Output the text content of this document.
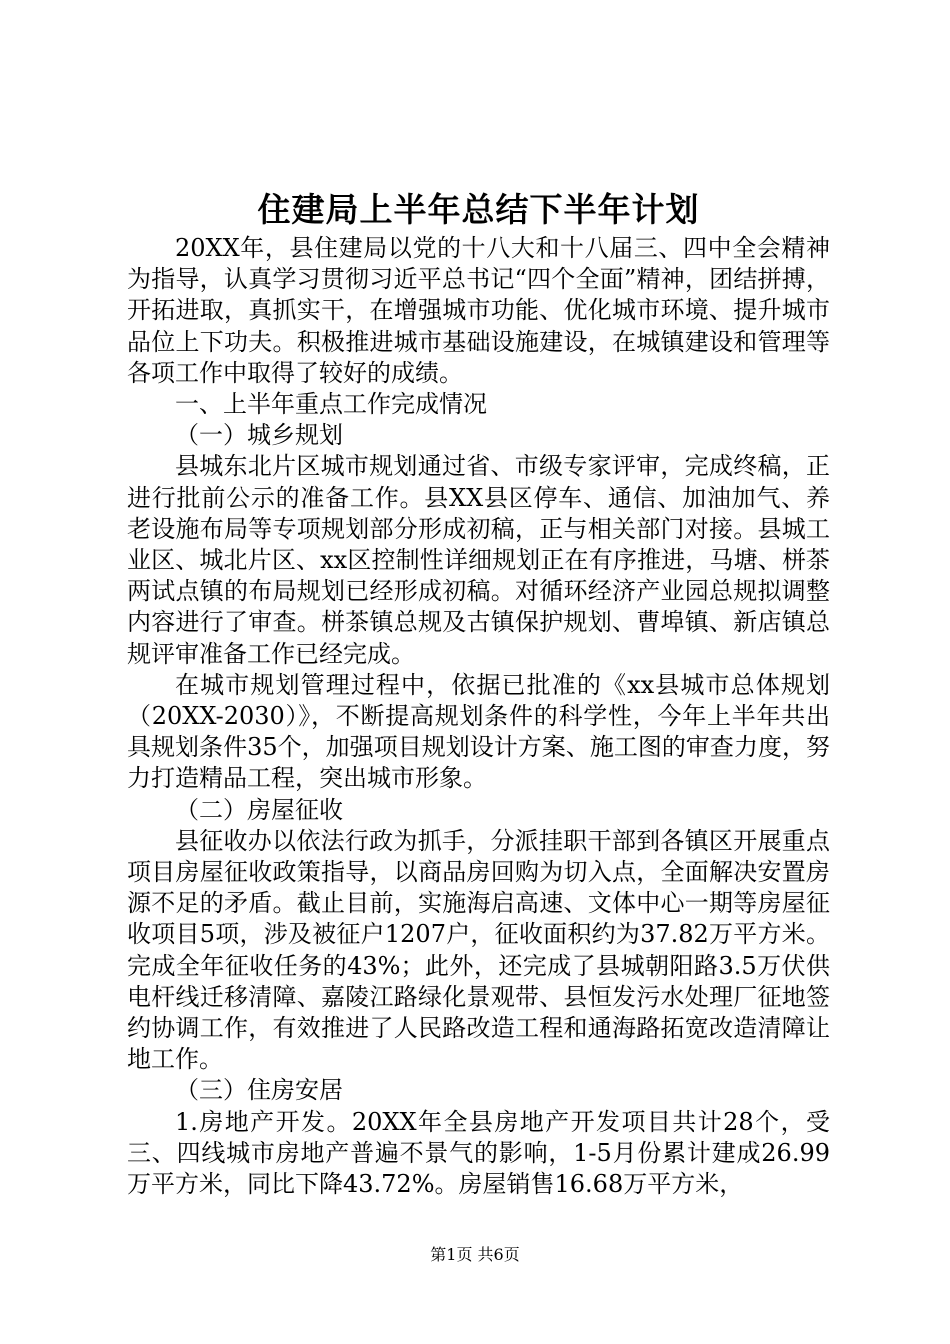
住建局上半年总结下半年计划

20XX年，县住建局以党的十八大和十八届三、四中全会精神为指导，认真学习贯彻习近平总书记“四个全面”精神，团结拼搏，开拓进取，真抓实干，在增强城市功能、优化城市环境、提升城市品位上下功夫。积极推进城市基础设施建设，在城镇建设和管理等各项工作中取得了较好的成绩。

一、上半年重点工作完成情况

（一）城乡规划

县城东北片区城市规划通过省、市级专家评审，完成终稿，正进行批前公示的准备工作。县XX县区停车、通信、加油加气、养老设施布局等专项规划部分形成初稿，正与相关部门对接。县城工业区、城北片区、xx区控制性详细规划正在有序推进，马塘、栟茶两试点镇的布局规划已经形成初稿。对循环经济产业园总规拟调整内容进行了审查。栟茶镇总规及古镇保护规划、曹埠镇、新店镇总规评审准备工作已经完成。

在城市规划管理过程中，依据已批准的《xx县城市总体规划（20XX-2030）》，不断提高规划条件的科学性，今年上半年共出具规划条件35个，加强项目规划设计方案、施工图的审查力度，努力打造精品工程，突出城市形象。

（二）房屋征收

县征收办以依法行政为抓手，分派挂职干部到各镇区开展重点项目房屋征收政策指导，以商品房回购为切入点，全面解决安置房源不足的矛盾。截止目前，实施海启高速、文体中心一期等房屋征收项目5项，涉及被征户1207户，征收面积约为37.82万平方米。完成全年征收任务的43%；此外，还完成了县城朝阳路3.5万伏供电杆线迁移清障、嘉陵江路绿化景观带、县恒发污水处理厂征地签约协调工作，有效推进了人民路改造工程和通海路拓宽改造清障让地工作。

（三）住房安居

1.房地产开发。20XX年全县房地产开发项目共计28个，受三、四线城市房地产普遍不景气的影响，1-5月份累计建成26.99万平方米，同比下降43.72%。房屋销售16.68万平方米，

第1页 共6页
